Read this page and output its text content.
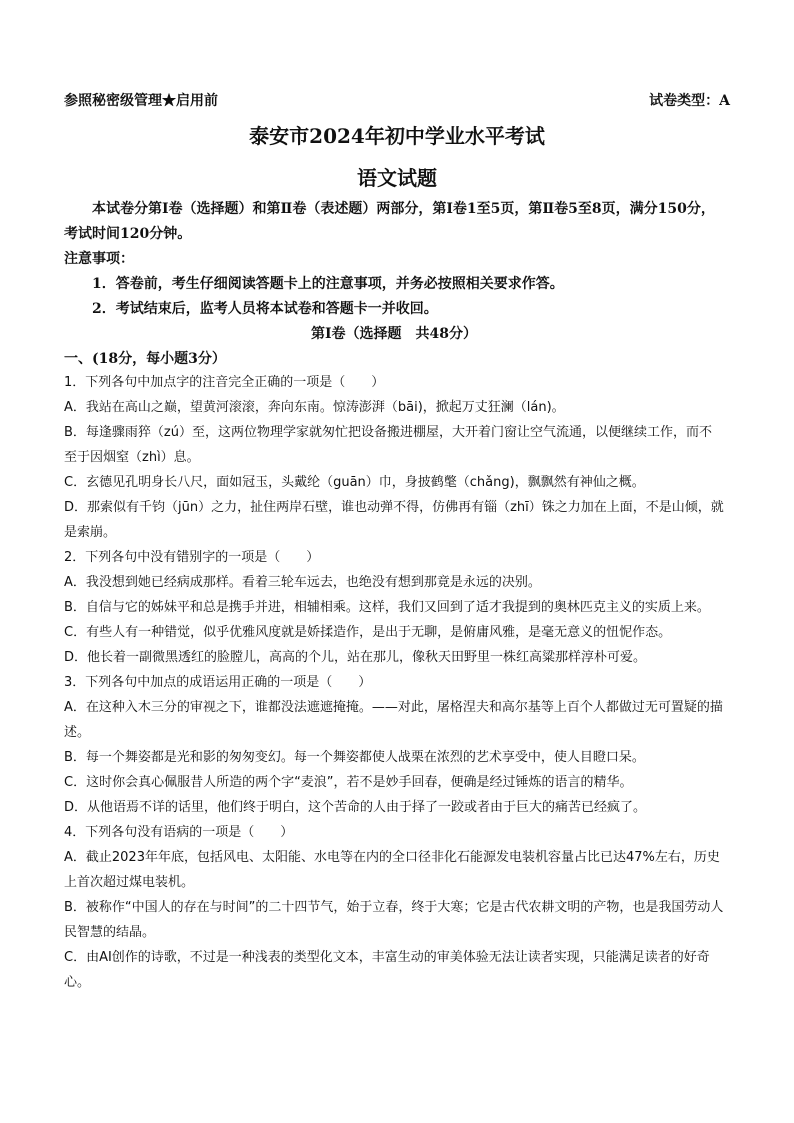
参照秘密级管理★启用前	试卷类型：A
泰安市2024年初中学业水平考试
语文试题

本试卷分第Ⅰ卷（选择题）和第Ⅱ卷（表述题）两部分，第Ⅰ卷1至5页，第Ⅱ卷5至8页，满分150分，考试时间120分钟。

注意事项：

1．答卷前，考生仔细阅读答题卡上的注意事项，并务必按照相关要求作答。

2．考试结束后，监考人员将本试卷和答题卡一并收回。

第Ⅰ卷（选择题　共48分）

一、(18分，每小题3分）

1．下列各句中加点字的注音完全正确的一项是（　　）

A．我站在高山之巅，望黄河滚滚，奔向东南。惊涛澎湃（bāi)，掀起万丈狂澜（lán)。

B．每逢骤雨猝（zú）至，这两位物理学家就匆忙把设备搬进棚屋，大开着门窗让空气流通，以便继续工作，而不至于因烟窒（zhì）息。

C．玄德见孔明身长八尺，面如冠玉，头戴纶（guān）巾，身披鹤氅（chǎng)，飘飘然有神仙之概。

D．那索似有千钧（jūn）之力，扯住两岸石壁，谁也动弹不得，仿佛再有锱（zhī）铢之力加在上面，不是山倾，就是索崩。

2．下列各句中没有错别字的一项是（　　）

A．我没想到她已经病成那样。看着三轮车远去，也绝没有想到那竟是永远的决别。

B．自信与它的姊妹平和总是携手并进，相辅相乘。这样，我们又回到了适才我提到的奥林匹克主义的实质上来。

C．有些人有一种错觉，似乎优雅风度就是娇揉造作，是出于无聊，是俯庸风雅，是毫无意义的忸怩作态。

D．他长着一副微黑透红的脸膛儿，高高的个儿，站在那儿，像秋天田野里一株红高粱那样淳朴可爱。

3．下列各句中加点的成语运用正确的一项是（　　）

A．在这种入木三分的审视之下，谁都没法遮遮掩掩。——对此，屠格涅夫和高尔基等上百个人都做过无可置疑的描述。

B．每一个舞姿都是光和影的匆匆变幻。每一个舞姿都使人战栗在浓烈的艺术享受中，使人目瞪口呆。

C．这时你会真心佩服昔人所造的两个字“麦浪”，若不是妙手回春，便确是经过锤炼的语言的精华。

D．从他语焉不详的话里，他们终于明白，这个苦命的人由于择了一跤或者由于巨大的痛苦已经疯了。

4．下列各句没有语病的一项是（　　）

A．截止2023年年底，包括风电、太阳能、水电等在内的全口径非化石能源发电装机容量占比已达47%左右，历史上首次超过煤电装机。

B．被称作“中国人的存在与时间”的二十四节气，始于立春，终于大寒；它是古代农耕文明的产物，也是我国劳动人民智慧的结晶。

C．由AI创作的诗歌，不过是一种浅表的类型化文本，丰富生动的审美体验无法让读者实现，只能满足读者的好奇心。
